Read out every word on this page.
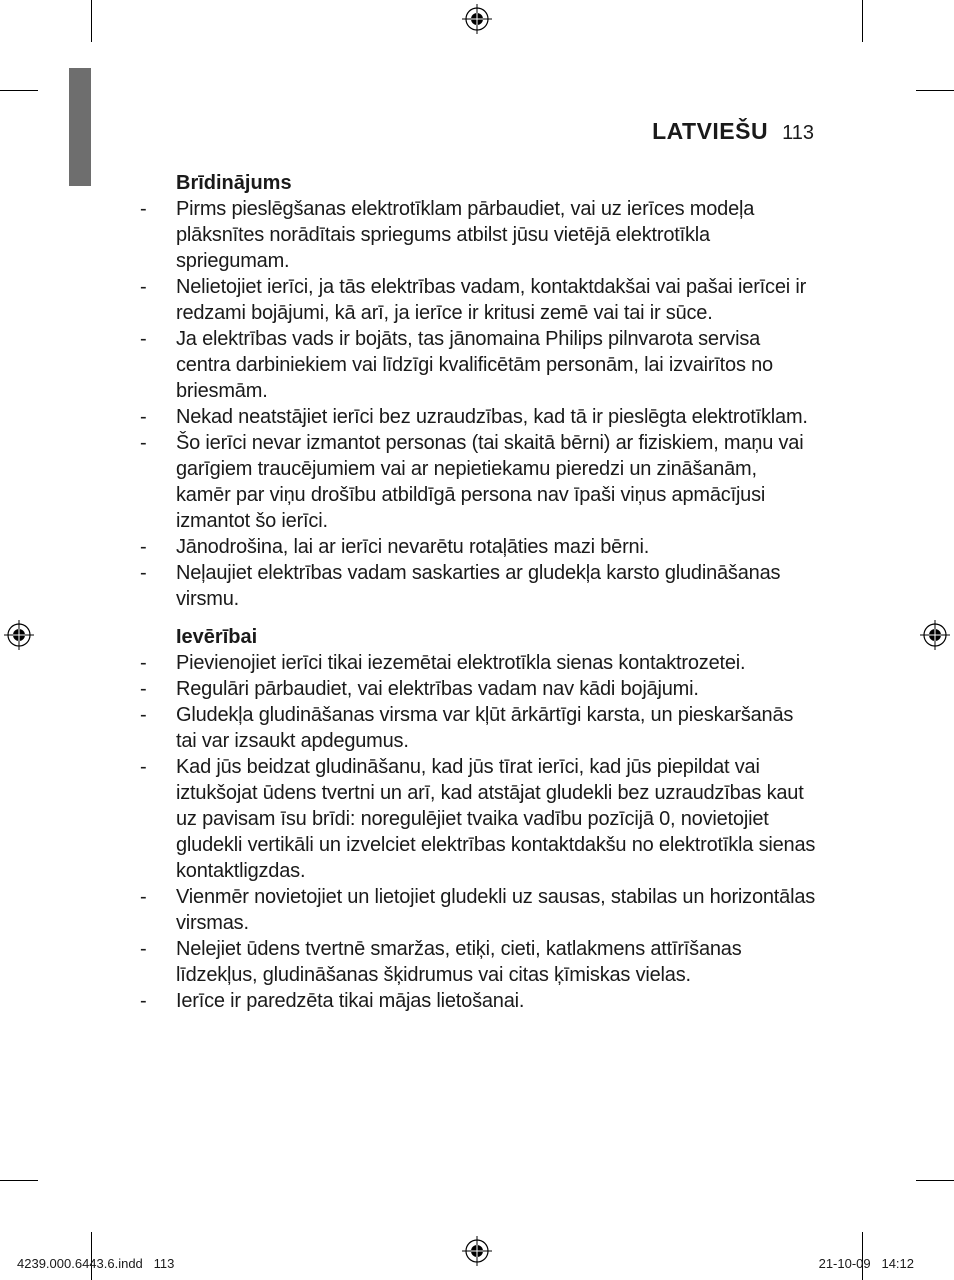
LATVIEŠU 113
Brīdinājums
- Pirms pieslēgšanas elektrotīklam pārbaudiet, vai uz ierīces modeļa plāksnītes norādītais spriegums atbilst jūsu vietējā elektrotīkla spriegumam.
- Nelietojiet ierīci, ja tās elektrības vadam, kontaktdakšai vai pašai ierīcei ir redzami bojājumi, kā arī, ja ierīce ir kritusi zemē vai tai ir sūce.
- Ja elektrības vads ir bojāts, tas jānomaina Philips pilnvarota servisa centra darbiniekiem vai līdzīgi kvalificētām personām, lai izvairītos no briesmām.
- Nekad neatstājiet ierīci bez uzraudzības, kad tā ir pieslēgta elektrotīklam.
- Šo ierīci nevar izmantot personas (tai skaitā bērni) ar fiziskiem, maņu vai garīgiem traucējumiem vai ar nepietiekamu pieredzi un zināšanām, kamēr par viņu drošību atbildīgā persona nav īpaši viņus apmācījusi izmantot šo ierīci.
- Jānodrošina, lai ar ierīci nevarētu rotaļāties mazi bērni.
- Neļaujiet elektrības vadam saskarties ar gludekļa karsto gludināšanas virsmu.
Ievērībai
- Pievienojiet ierīci tikai iezemētai elektrotīkla sienas kontaktrozetei.
- Regulāri pārbaudiet, vai elektrības vadam nav kādi bojājumi.
- Gludekļa gludināšanas virsma var kļūt ārkārtīgi karsta, un pieskaršanās tai var izsaukt apdegumus.
- Kad jūs beidzat gludināšanu, kad jūs tīrat ierīci, kad jūs piepildat vai iztukšojat ūdens tvertni un arī, kad atstājat gludekli bez uzraudzības kaut uz pavisam īsu brīdi: noregulējiet tvaika vadību pozīcijā 0, novietojiet gludekli vertikāli un izvelciet elektrības kontaktdakšu no elektrotīkla sienas kontaktligzdas.
- Vienmēr novietojiet un lietojiet gludekli uz sausas, stabilas un horizontālas virsmas.
- Nelejiet ūdens tvertnē smaržas, etiķi, cieti, katlakmens attīrīšanas līdzekļus, gludināšanas šķidrumus vai citas ķīmiskas vielas.
- Ierīce ir paredzēta tikai mājas lietošanai.
4239.000.6443.6.indd   113	21-10-09   14:12
